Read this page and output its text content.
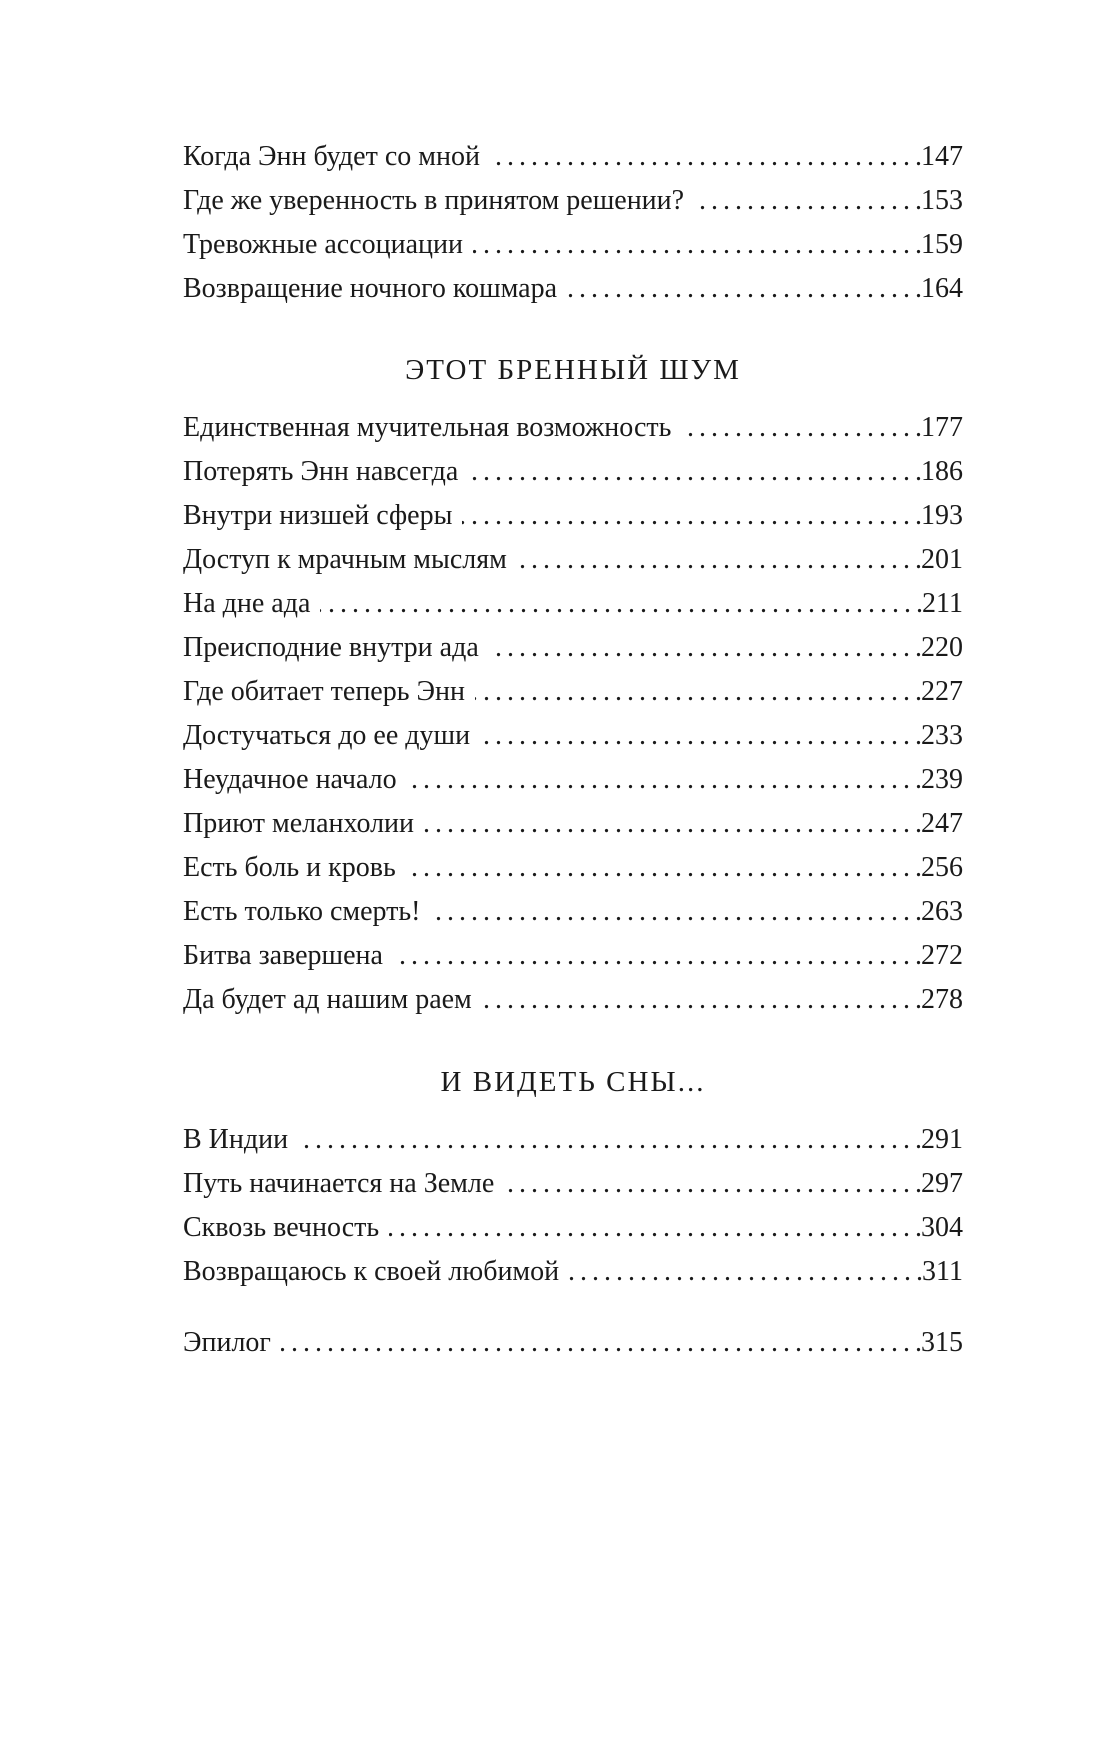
Когда Энн будет со мной . . .	147
Где же уверенность в принятом решении? . . .	153
Тревожные ассоциации . . .	159
Возвращение ночного кошмара . . .	164
ЭТОТ БРЕННЫЙ ШУМ
Единственная мучительная возможность . . .	177
Потерять Энн навсегда . . .	186
Внутри низшей сферы . . .	193
Доступ к мрачным мыслям . . .	201
На дне ада . . .	211
Преисподние внутри ада . . .	220
Где обитает теперь Энн . . .	227
Достучаться до ее души . . .	233
Неудачное начало . . .	239
Приют меланхолии . . .	247
Есть боль и кровь . . .	256
Есть только смерть! . . .	263
Битва завершена . . .	272
Да будет ад нашим раем . . .	278
И ВИДЕТЬ СНЫ...
В Индии . . .	291
Путь начинается на Земле . . .	297
Сквозь вечность . . .	304
Возвращаюсь к своей любимой . . .	311
Эпилог . . .	315
